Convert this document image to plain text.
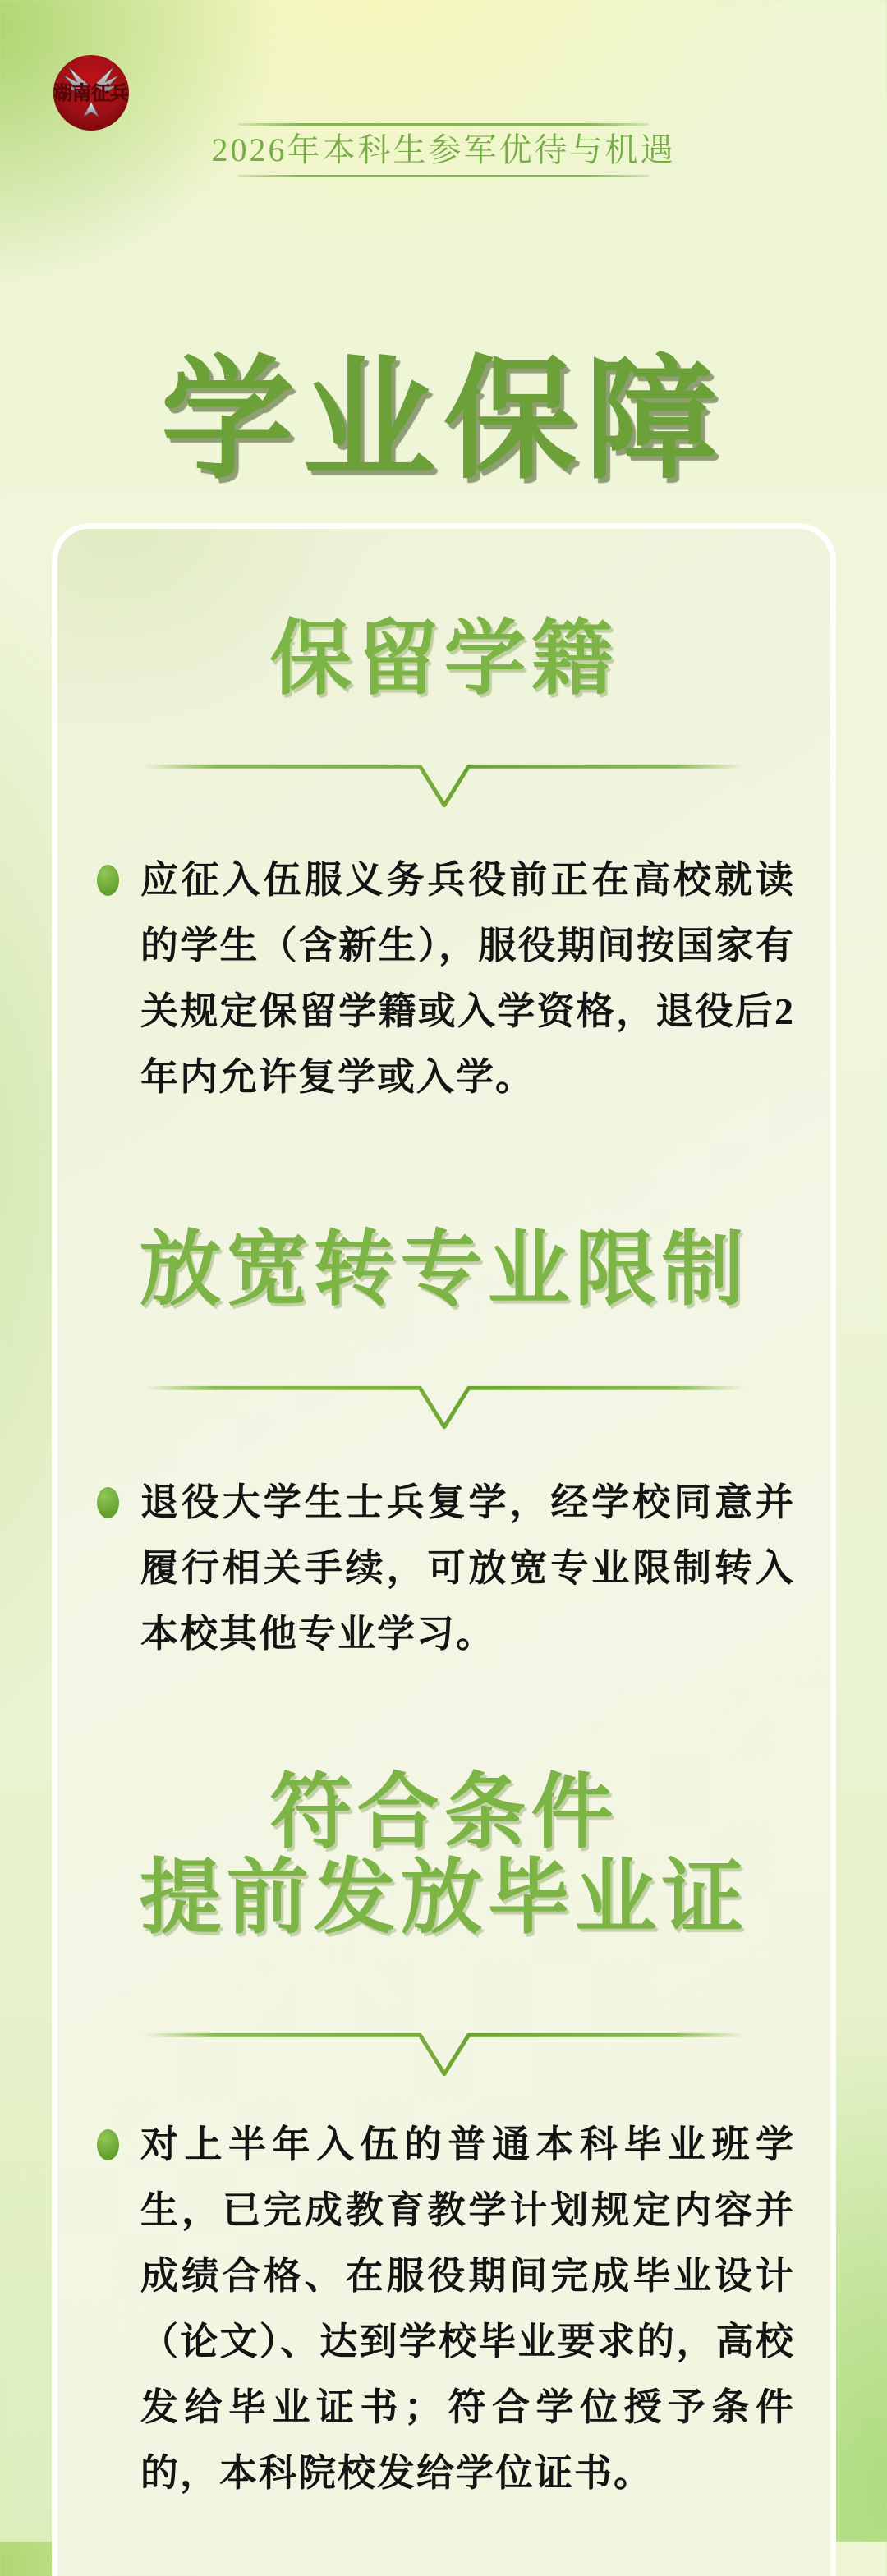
湖南征兵
2026年本科生参军优待与机遇
学业保障
保留学籍

应征入伍服义务兵役前正在高校就读的学生（含新生），服役期间按国家有关规定保留学籍或入学资格，退役后2年内允许复学或入学。

放宽转专业限制

退役大学生士兵复学，经学校同意并履行相关手续，可放宽专业限制转入本校其他专业学习。

符合条件
提前发放毕业证

对上半年入伍的普通本科毕业班学生，已完成教育教学计划规定内容并成绩合格、在服役期间完成毕业设计（论文）、达到学校毕业要求的，高校发给毕业证书；符合学位授予条件的，本科院校发给学位证书。
